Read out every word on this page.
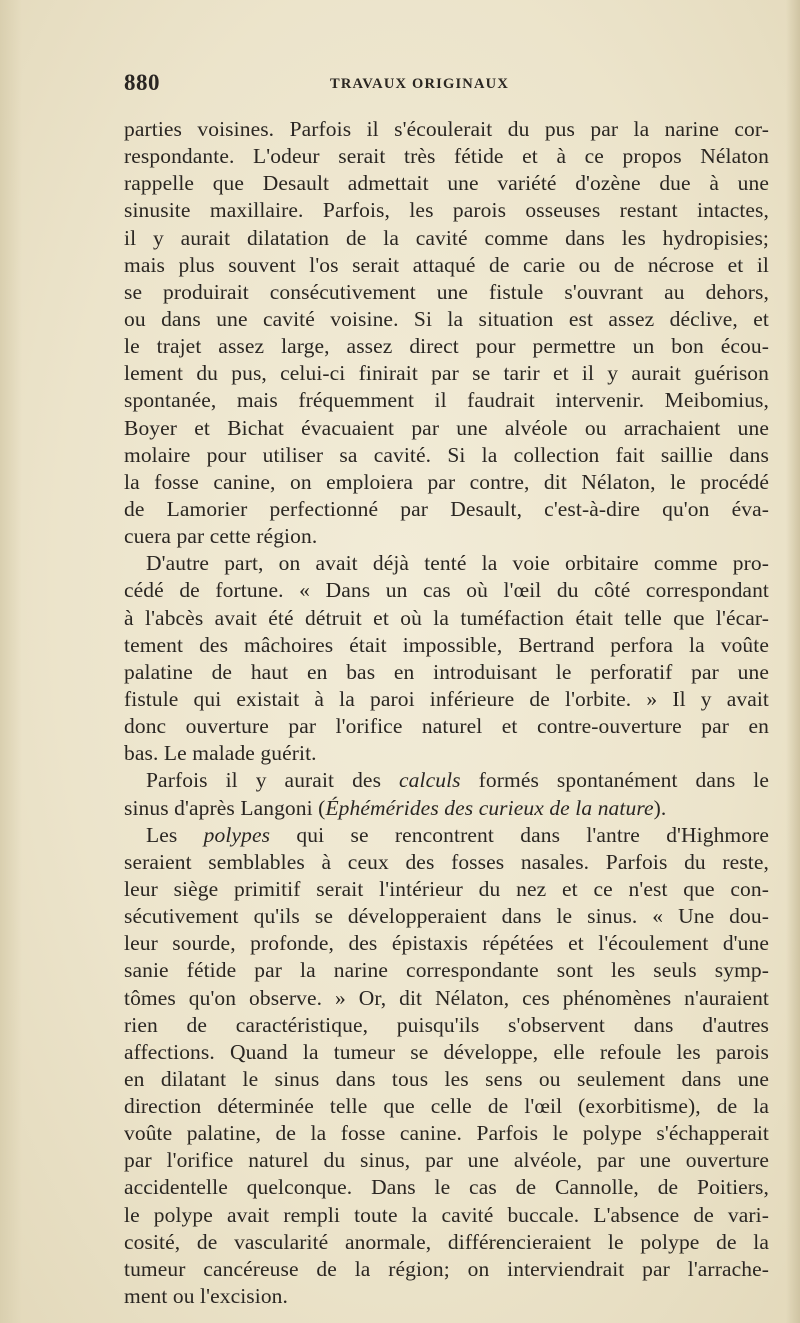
880	TRAVAUX ORIGINAUX
parties voisines. Parfois il s'écoulerait du pus par la narine cor-
respondante. L'odeur serait très fétide et à ce propos Nélaton
rappelle que Desault admettait une variété d'ozène due à une
sinusite maxillaire. Parfois, les parois osseuses restant intactes,
il y aurait dilatation de la cavité comme dans les hydropisies;
mais plus souvent l'os serait attaqué de carie ou de nécrose et il
se produirait consécutivement une fistule s'ouvrant au dehors,
ou dans une cavité voisine. Si la situation est assez déclive, et
le trajet assez large, assez direct pour permettre un bon écou-
lement du pus, celui-ci finirait par se tarir et il y aurait guérison
spontanée, mais fréquemment il faudrait intervenir. Meibomius,
Boyer et Bichat évacuaient par une alvéole ou arrachaient une
molaire pour utiliser sa cavité. Si la collection fait saillie dans
la fosse canine, on emploiera par contre, dit Nélaton, le procédé
de Lamorier perfectionné par Desault, c'est-à-dire qu'on éva-
cuera par cette région.
D'autre part, on avait déjà tenté la voie orbitaire comme pro-
cédé de fortune. « Dans un cas où l'œil du côté correspondant
à l'abcès avait été détruit et où la tuméfaction était telle que l'écar-
tement des mâchoires était impossible, Bertrand perfora la voûte
palatine de haut en bas en introduisant le perforatif par une
fistule qui existait à la paroi inférieure de l'orbite. » Il y avait
donc ouverture par l'orifice naturel et contre-ouverture par en
bas. Le malade guérit.
Parfois il y aurait des calculs formés spontanément dans le
sinus d'après Langoni (Éphémérides des curieux de la nature).
Les polypes qui se rencontrent dans l'antre d'Highmore
seraient semblables à ceux des fosses nasales. Parfois du reste,
leur siège primitif serait l'intérieur du nez et ce n'est que con-
sécutivement qu'ils se développeraient dans le sinus. « Une dou-
leur sourde, profonde, des épistaxis répétées et l'écoulement d'une
sanie fétide par la narine correspondante sont les seuls symp-
tômes qu'on observe. » Or, dit Nélaton, ces phénomènes n'auraient
rien de caractéristique, puisqu'ils s'observent dans d'autres
affections. Quand la tumeur se développe, elle refoule les parois
en dilatant le sinus dans tous les sens ou seulement dans une
direction déterminée telle que celle de l'œil (exorbitisme), de la
voûte palatine, de la fosse canine. Parfois le polype s'échapperait
par l'orifice naturel du sinus, par une alvéole, par une ouverture
accidentelle quelconque. Dans le cas de Cannolle, de Poitiers,
le polype avait rempli toute la cavité buccale. L'absence de vari-
cosité, de vascularité anormale, différencieraient le polype de la
tumeur cancéreuse de la région; on interviendrait par l'arrache-
ment ou l'excision.
